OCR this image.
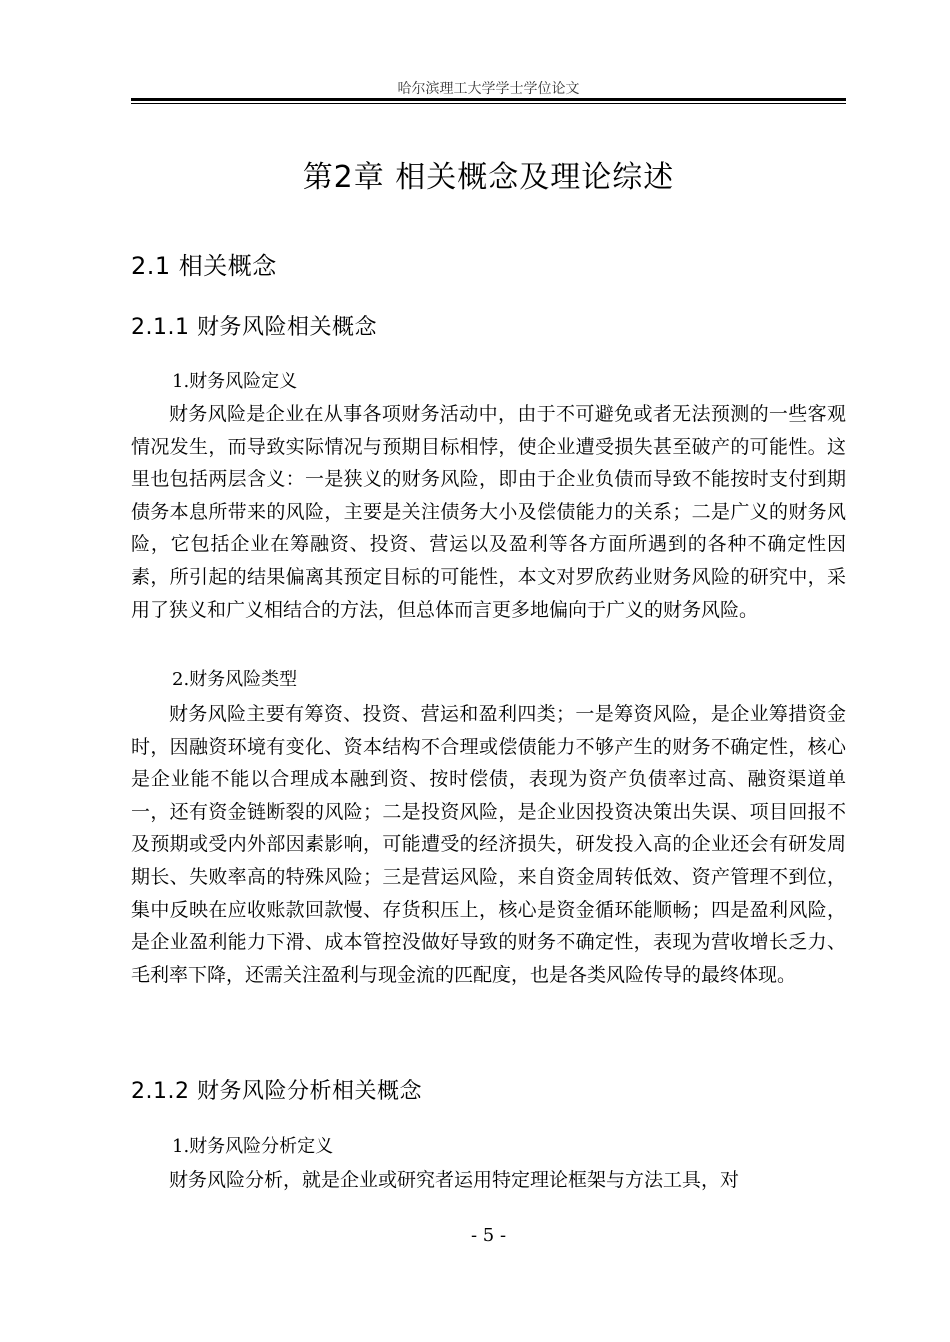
哈尔滨理工大学学士学位论文
第2章 相关概念及理论综述
2.1 相关概念
2.1.1 财务风险相关概念
1.财务风险定义
财务风险是企业在从事各项财务活动中，由于不可避免或者无法预测的一些客观情况发生，而导致实际情况与预期目标相悖，使企业遭受损失甚至破产的可能性。这里也包括两层含义：一是狭义的财务风险，即由于企业负债而导致不能按时支付到期债务本息所带来的风险，主要是关注债务大小及偿债能力的关系；二是广义的财务风险，它包括企业在筹融资、投资、营运以及盈利等各方面所遇到的各种不确定性因素，所引起的结果偏离其预定目标的可能性，本文对罗欣药业财务风险的研究中，采用了狭义和广义相结合的方法，但总体而言更多地偏向于广义的财务风险。
2.财务风险类型
财务风险主要有筹资、投资、营运和盈利四类；一是筹资风险，是企业筹措资金时，因融资环境有变化、资本结构不合理或偿债能力不够产生的财务不确定性，核心是企业能不能以合理成本融到资、按时偿债，表现为资产负债率过高、融资渠道单一，还有资金链断裂的风险；二是投资风险，是企业因投资决策出失误、项目回报不及预期或受内外部因素影响，可能遭受的经济损失，研发投入高的企业还会有研发周期长、失败率高的特殊风险；三是营运风险，来自资金周转低效、资产管理不到位，集中反映在应收账款回款慢、存货积压上，核心是资金循环能顺畅；四是盈利风险，是企业盈利能力下滑、成本管控没做好导致的财务不确定性，表现为营收增长乏力、毛利率下降，还需关注盈利与现金流的匹配度，也是各类风险传导的最终体现。
2.1.2 财务风险分析相关概念
1.财务风险分析定义
财务风险分析，就是企业或研究者运用特定理论框架与方法工具，对
- 5 -
